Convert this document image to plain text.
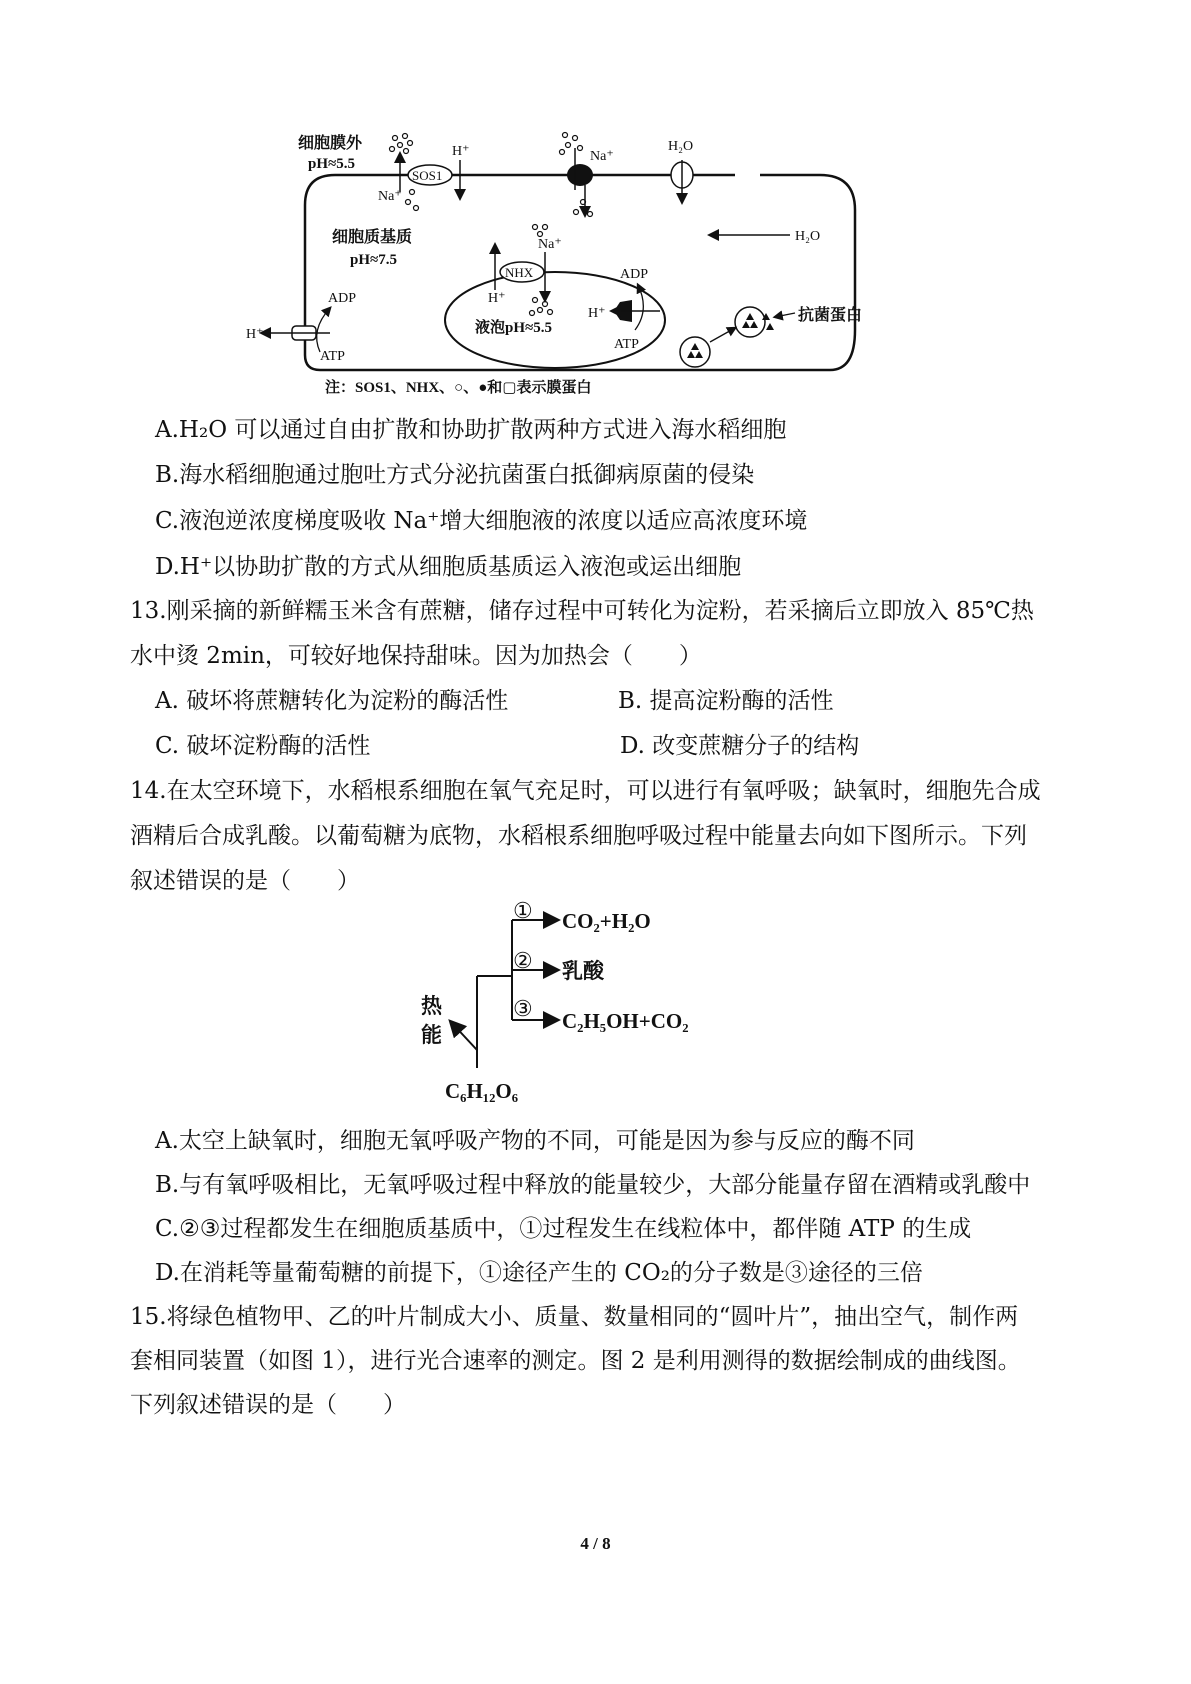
细胞膜外
pH≈5.5
细胞质基质
pH≈7.5
液泡pH≈5.5
SOS1
H⁺
Na⁺
Na⁺
H₂O
H₂O
NHX
H⁺
Na⁺
H⁺
ADP
ATP
H⁺
ADP
ATP
抗菌蛋白
注：SOS1、NHX、○、●和▢表示膜蛋白
A.H₂O 可以通过自由扩散和协助扩散两种方式进入海水稻细胞
B.海水稻细胞通过胞吐方式分泌抗菌蛋白抵御病原菌的侵染
C.液泡逆浓度梯度吸收 Na⁺增大细胞液的浓度以适应高浓度环境
D.H⁺以协助扩散的方式从细胞质基质运入液泡或运出细胞
13.刚采摘的新鲜糯玉米含有蔗糖，储存过程中可转化为淀粉，若采摘后立即放入 85℃热
水中烫 2min，可较好地保持甜味。因为加热会（　　）
A. 破坏将蔗糖转化为淀粉的酶活性	B. 提高淀粉酶的活性
C. 破坏淀粉酶的活性	D. 改变蔗糖分子的结构
14.在太空环境下，水稻根系细胞在氧气充足时，可以进行有氧呼吸；缺氧时，细胞先合成
酒精后合成乳酸。以葡萄糖为底物，水稻根系细胞呼吸过程中能量去向如下图所示。下列
叙述错误的是（　　）
①
②
③
CO₂+H₂O
乳酸
C₂H₅OH+CO₂
热
能
C₆H₁₂O₆
A.太空上缺氧时，细胞无氧呼吸产物的不同，可能是因为参与反应的酶不同
B.与有氧呼吸相比，无氧呼吸过程中释放的能量较少，大部分能量存留在酒精或乳酸中
C.②③过程都发生在细胞质基质中，①过程发生在线粒体中，都伴随 ATP 的生成
D.在消耗等量葡萄糖的前提下，①途径产生的 CO₂的分子数是③途径的三倍
15.将绿色植物甲、乙的叶片制成大小、质量、数量相同的“圆叶片”，抽出空气，制作两
套相同装置（如图 1），进行光合速率的测定。图 2 是利用测得的数据绘制成的曲线图。
下列叙述错误的是（　　）
4 / 8
